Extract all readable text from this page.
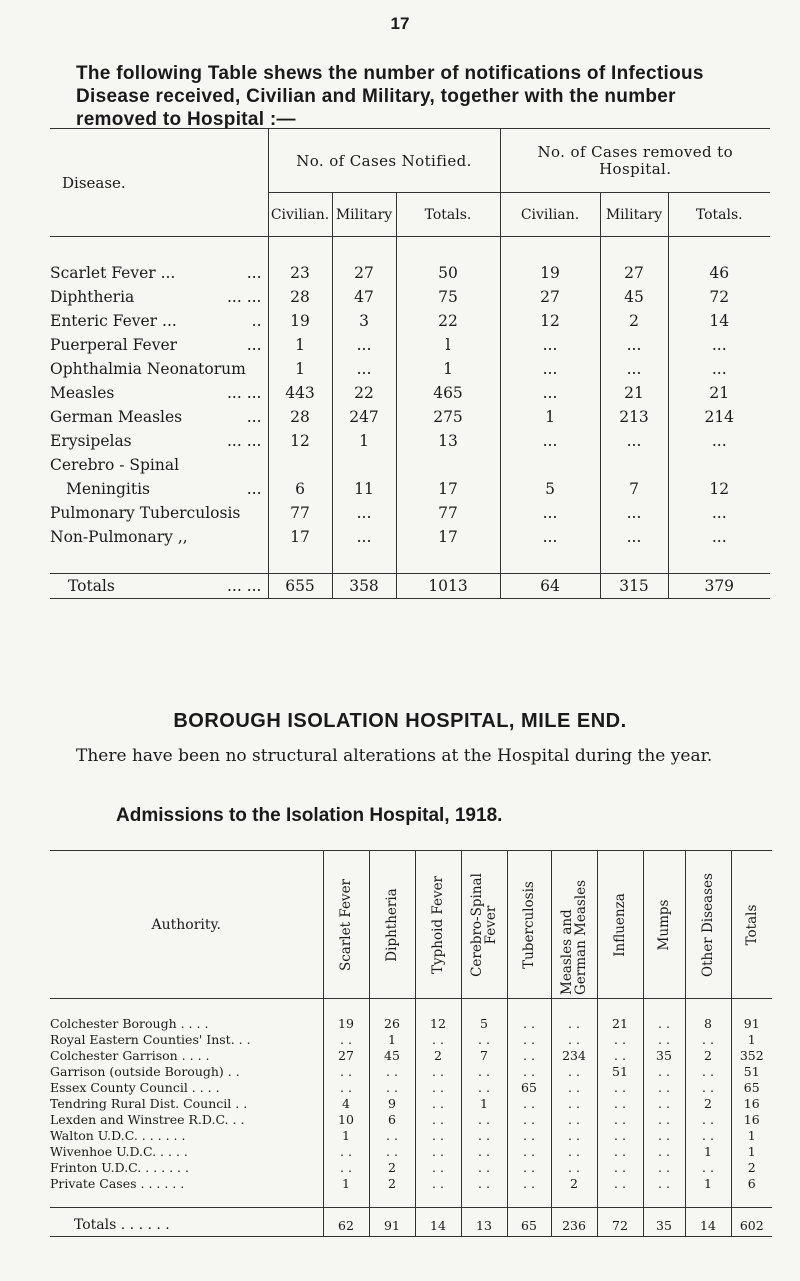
17
The following Table shews the number of notifications of Infectious Disease received, Civilian and Military, together with the number removed to Hospital :—
Disease.	No. of Cases Notified.			No. of Cases removed to Hospital.		
	Civilian.	Military	Totals.	Civilian.	Military	Totals.

Scarlet Fever ... ...	23	27	50	19	27	46
Diphtheria ... ...	28	47	75	27	45	72
Enteric Fever ... ..	19	3	22	12	2	14
Puerperal Fever ...	1	...	l	...	...	...
Ophthalmia Neonatorum	1	...	1	...	...	...
Measles ... ...	443	22	465	...	21	21
German Measles ...	28	247	275	1	213	214
Erysipelas ... ...	12	1	13	...	...	...
Cerebro - Spinal

Meningitis ...	6	11	17	5	7	12
Pulmonary Tuberculosis	77	...	77	...	...	...
Non-Pulmonary ,,	17	...	17	...	...	...

Totals ... ...	655	358	1013	64	315	379
BOROUGH ISOLATION HOSPITAL, MILE END.
There have been no structural alterations at the Hospital during the year.
Admissions to the Isolation Hospital, 1918.
Authority.	Scarlet Fever	Diphtheria	Typhoid Fever	Cerebro-Spinal Fever	Tuberculosis	Measles and German Measles	Influenza	Mumps	Other Diseases	Totals

Colchester Borough . . . .	19	26	12	5	. .	. .	21	. .	8	91
Royal Eastern Counties' Inst. . .	. .	1	. .	. .	. .	. .	. .	. .	. .	1
Colchester Garrison . . . .	27	45	2	7	. .	234	. .	35	2	352
Garrison (outside Borough) . .	. .	. .	. .	. .	. .	. .	51	. .	. .	51
Essex County Council . . . .	. .	. .	. .	. .	65	. .	. .	. .	. .	65
Tendring Rural Dist. Council . .	4	9	. .	1	. .	. .	. .	. .	2	16
Lexden and Winstree R.D.C. . .	10	6	. .	. .	. .	. .	. .	. .	. .	16
Walton U.D.C. . . . . . .	1	. .	. .	. .	. .	. .	. .	. .	. .	1
Wivenhoe U.D.C. . . . .	. .	. .	. .	. .	. .	. .	. .	. .	1	1
Frinton U.D.C. . . . . . .	. .	2	. .	. .	. .	. .	. .	. .	. .	2
Private Cases . . . . . .	1	2	. .	. .	. .	2	. .	. .	1	6

Totals . . . . . .	62	91	14	13	65	236	72	35	14	602
